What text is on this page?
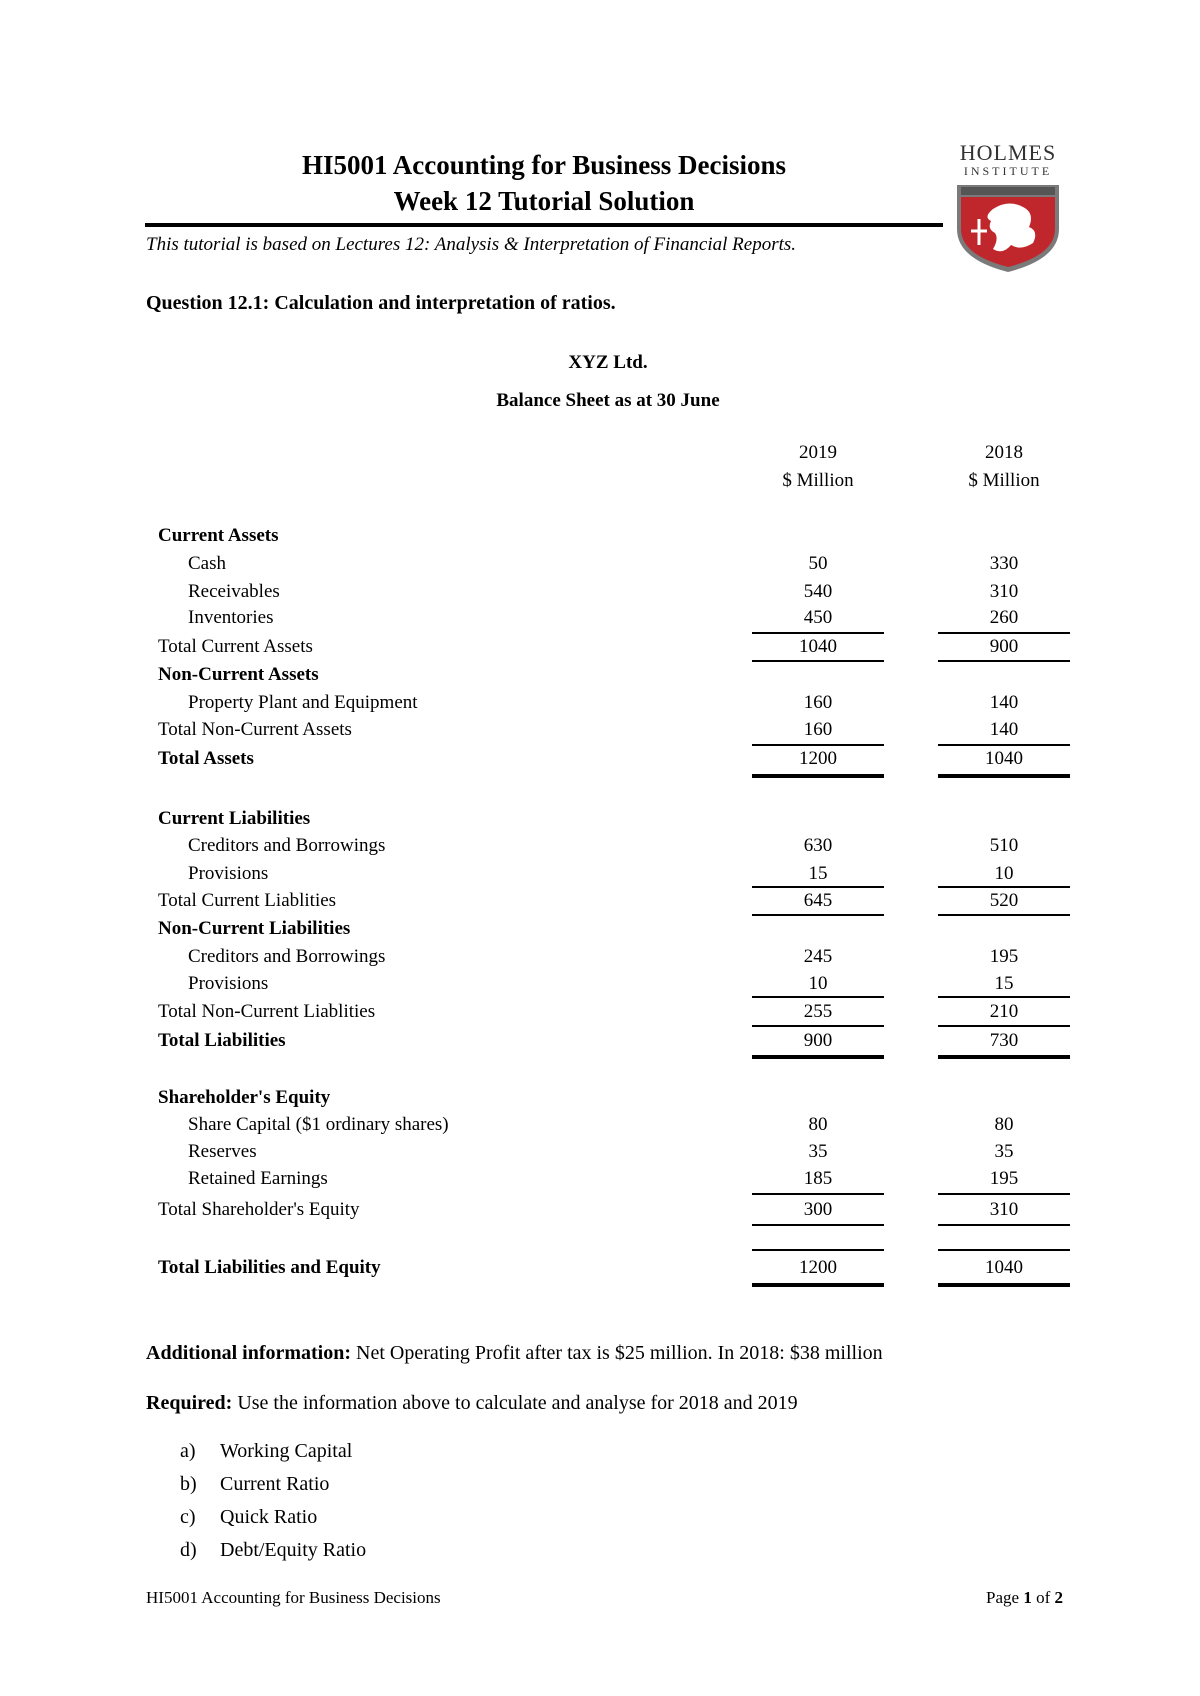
HI5001 Accounting for Business Decisions
Week 12 Tutorial Solution
This tutorial is based on Lectures 12: Analysis & Interpretation of Financial Reports.
HOLMES
INSTITUTE
Question 12.1: Calculation and interpretation of ratios.
XYZ Ltd.
Balance Sheet as at 30 June
2019	2018
$ Million	$ Million
Current Assets
Cash	50	330
Receivables	540	310
Inventories	450	260
Total Current Assets	1040	900
Non-Current Assets
Property Plant and Equipment	160	140
Total Non-Current Assets	160	140
Total Assets	1200	1040
Current Liabilities
Creditors and Borrowings	630	510
Provisions	15	10
Total Current Liablities	645	520
Non-Current Liabilities
Creditors and Borrowings	245	195
Provisions	10	15
Total Non-Current Liablities	255	210
Total Liabilities	900	730
Shareholder's Equity
Share Capital ($1 ordinary shares)	80	80
Reserves	35	35
Retained Earnings	185	195
Total Shareholder's Equity	300	310
Total Liabilities and Equity	1200	1040
Additional information: Net Operating Profit after tax is $25 million. In 2018: $38 million
Required: Use the information above to calculate and analyse for 2018 and 2019
a) Working Capital
b) Current Ratio
c) Quick Ratio
d) Debt/Equity Ratio
HI5001 Accounting for Business Decisions	Page 1 of 2
